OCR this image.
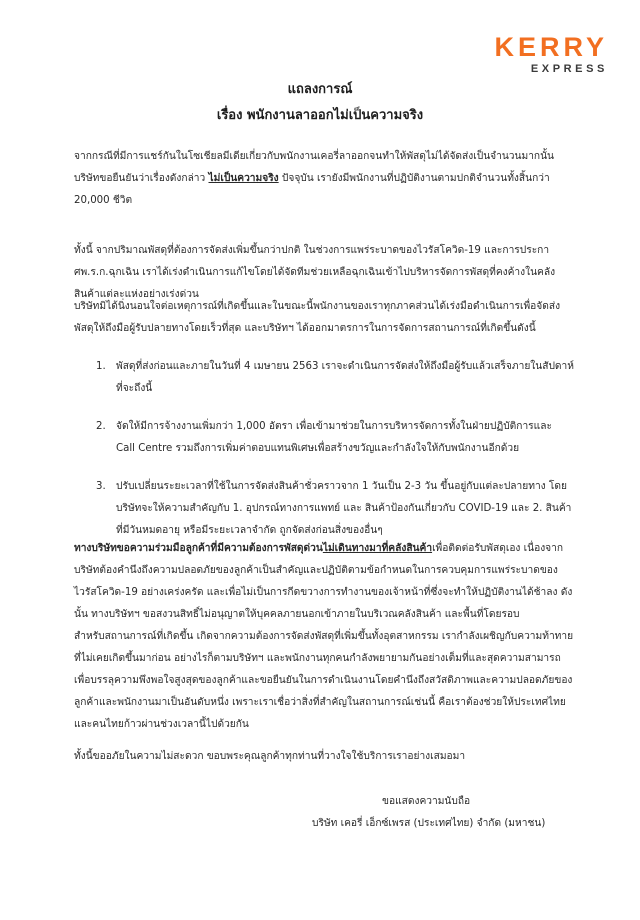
KERRY
EXPRESS
แถลงการณ์
เรื่อง พนักงานลาออกไม่เป็นความจริง

จากกรณีที่มีการแชร์กันในโซเชียลมีเดียเกี่ยวกับพนักงานเคอรี่ลาออกจนทำให้พัสดุไม่ได้จัดส่งเป็นจำนวนมากนั้น บริษัทขอยืนยันว่าเรื่องดังกล่าว ไม่เป็นความจริง ปัจจุบัน เรายังมีพนักงานที่ปฏิบัติงานตามปกติจำนวนทั้งสิ้นกว่า 20,000 ชีวิต

ทั้งนี้ จากปริมาณพัสดุที่ต้องการจัดส่งเพิ่มขึ้นกว่าปกติ ในช่วงการแพร่ระบาดของไวรัสโควิด-19 และการประกาศพ.ร.ก.ฉุกเฉิน เราได้เร่งดำเนินการแก้ไขโดยได้จัดทีมช่วยเหลือฉุกเฉินเข้าไปบริหารจัดการพัสดุที่คงค้างในคลังสินค้าแต่ละแห่งอย่างเร่งด่วน

บริษัทมิได้นิ่งนอนใจต่อเหตุการณ์ที่เกิดขึ้นและในขณะนี้พนักงานของเราทุกภาคส่วนได้เร่งมือดำเนินการเพื่อจัดส่งพัสดุให้ถึงมือผู้รับปลายทางโดยเร็วที่สุด และบริษัทฯ ได้ออกมาตรการในการจัดการสถานการณ์ที่เกิดขึ้นดังนี้

1. พัสดุที่ส่งก่อนและภายในวันที่ 4 เมษายน 2563 เราจะดำเนินการจัดส่งให้ถึงมือผู้รับแล้วเสร็จภายในสัปดาห์ที่จะถึงนี้
2. จัดให้มีการจ้างงานเพิ่มกว่า 1,000 อัตรา เพื่อเข้ามาช่วยในการบริหารจัดการทั้งในฝ่ายปฏิบัติการและ Call Centre รวมถึงการเพิ่มค่าตอบแทนพิเศษเพื่อสร้างขวัญและกำลังใจให้กับพนักงานอีกด้วย
3. ปรับเปลี่ยนระยะเวลาที่ใช้ในการจัดส่งสินค้าชั่วคราวจาก 1 วันเป็น 2-3 วัน ขึ้นอยู่กับแต่ละปลายทาง โดยบริษัทจะให้ความสำคัญกับ 1. อุปกรณ์ทางการแพทย์ และ สินค้าป้องกันเกี่ยวกับ COVID-19 และ 2. สินค้าที่มีวันหมดอายุ หรือมีระยะเวลาจำกัด ถูกจัดส่งก่อนสิ่งของอื่นๆ

ทางบริษัทขอความร่วมมือลูกค้าที่มีความต้องการพัสดุด่วนไม่เดินทางมาที่คลังสินค้าเพื่อติดต่อรับพัสดุเอง เนื่องจากบริษัทต้องคำนึงถึงความปลอดภัยของลูกค้าเป็นสำคัญและปฏิบัติตามข้อกำหนดในการควบคุมการแพร่ระบาดของไวรัสโควิด-19 อย่างเคร่งครัด และเพื่อไม่เป็นการกีดขวางการทำงานของเจ้าหน้าที่ซึ่งจะทำให้ปฏิบัติงานได้ช้าลง ดังนั้น ทางบริษัทฯ ขอสงวนสิทธิ์ไม่อนุญาตให้บุคคลภายนอกเข้าภายในบริเวณคลังสินค้า และพื้นที่โดยรอบ

สำหรับสถานการณ์ที่เกิดขึ้น เกิดจากความต้องการจัดส่งพัสดุที่เพิ่มขึ้นทั้งอุตสาหกรรม เรากำลังเผชิญกับความท้าทายที่ไม่เคยเกิดขึ้นมาก่อน อย่างไรก็ตามบริษัทฯ และพนักงานทุกคนกำลังพยายามกันอย่างเต็มที่และสุดความสามารถเพื่อบรรลุความพึงพอใจสูงสุดของลูกค้าและขอยืนยันในการดำเนินงานโดยคำนึงถึงสวัสดิภาพและความปลอดภัยของลูกค้าและพนักงานมาเป็นอันดับหนึ่ง เพราะเราเชื่อว่าสิ่งที่สำคัญในสถานการณ์เช่นนี้ คือเราต้องช่วยให้ประเทศไทยและคนไทยก้าวผ่านช่วงเวลานี้ไปด้วยกัน

ทั้งนี้ขออภัยในความไม่สะดวก ขอบพระคุณลูกค้าทุกท่านที่วางใจใช้บริการเราอย่างเสมอมา

ขอแสดงความนับถือ

บริษัท เคอรี่ เอ็กซ์เพรส (ประเทศไทย) จำกัด (มหาชน)
